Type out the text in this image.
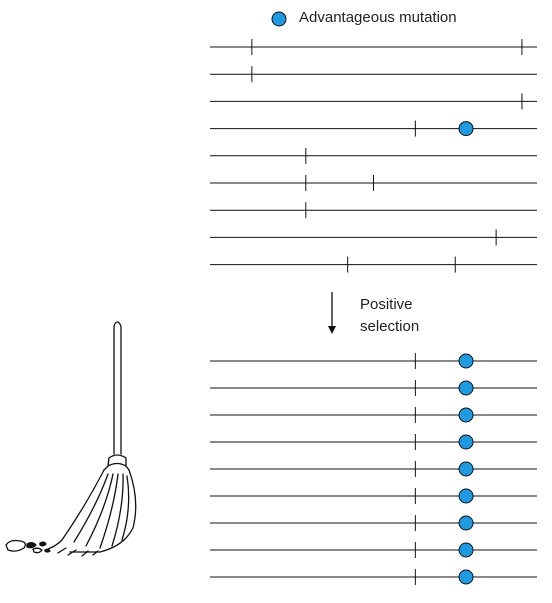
Advantageous mutation
Positive
selection
